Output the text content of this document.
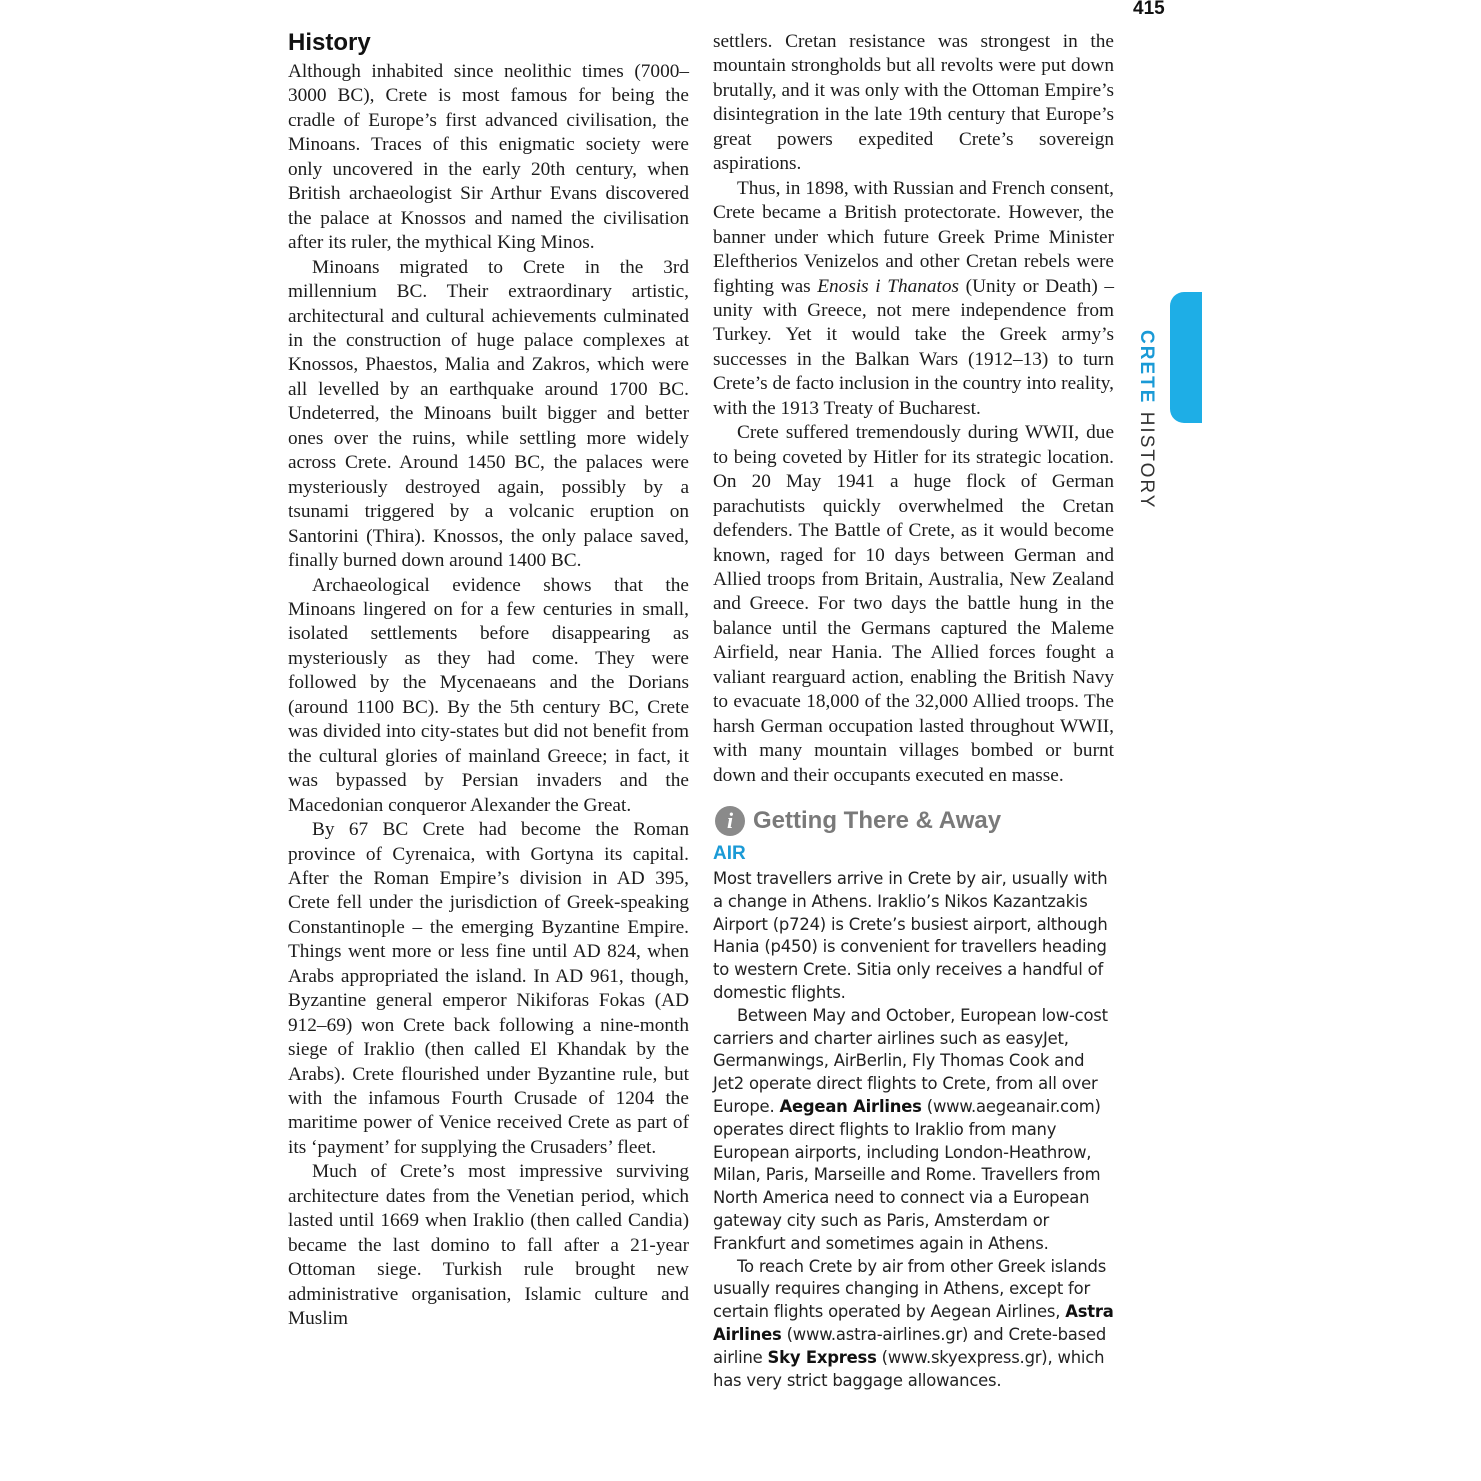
415
History

Although inhabited since neolithic times (7000–3000 BC), Crete is most famous for being the cradle of Europe’s first advanced civilisation, the Minoans. Traces of this enigmatic society were only uncovered in the early 20th century, when British archaeologist Sir Arthur Evans discovered the palace at Knossos and named the civilisation after its ruler, the mythical King Minos.

Minoans migrated to Crete in the 3rd millennium BC. Their extraordinary artistic, architectural and cultural achievements culminated in the construction of huge palace complexes at Knossos, Phaestos, Malia and Zakros, which were all levelled by an earthquake around 1700 BC. Undeterred, the Minoans built bigger and better ones over the ruins, while settling more widely across Crete. Around 1450 BC, the palaces were mysteriously destroyed again, possibly by a tsunami triggered by a volcanic eruption on Santorini (Thira). Knossos, the only palace saved, finally burned down around 1400 BC.

Archaeological evidence shows that the Minoans lingered on for a few centuries in small, isolated settlements before disappearing as mysteriously as they had come. They were followed by the Mycenaeans and the Dorians (around 1100 BC). By the 5th century BC, Crete was divided into city-states but did not benefit from the cultural glories of mainland Greece; in fact, it was bypassed by Persian invaders and the Macedonian conqueror Alexander the Great.

By 67 BC Crete had become the Roman province of Cyrenaica, with Gortyna its capital. After the Roman Empire’s division in AD 395, Crete fell under the jurisdiction of Greek-speaking Constantinople – the emerging Byzantine Empire. Things went more or less fine until AD 824, when Arabs appropriated the island. In AD 961, though, Byzantine general emperor Nikiforas Fokas (AD 912–69) won Crete back following a nine-month siege of Iraklio (then called El Khandak by the Arabs). Crete flourished under Byzantine rule, but with the infamous Fourth Crusade of 1204 the maritime power of Venice received Crete as part of its ‘payment’ for supplying the Crusaders’ fleet.

Much of Crete’s most impressive surviving architecture dates from the Venetian period, which lasted until 1669 when Iraklio (then called Candia) became the last domino to fall after a 21-year Ottoman siege. Turkish rule brought new administrative organisation, Islamic culture and Muslim

settlers. Cretan resistance was strongest in the mountain strongholds but all revolts were put down brutally, and it was only with the Ottoman Empire’s disintegration in the late 19th century that Europe’s great powers expedited Crete’s sovereign aspirations.

Thus, in 1898, with Russian and French consent, Crete became a British protectorate. However, the banner under which future Greek Prime Minister Eleftherios Venizelos and other Cretan rebels were fighting was Enosis i Thanatos (Unity or Death) – unity with Greece, not mere independence from Turkey. Yet it would take the Greek army’s successes in the Balkan Wars (1912–13) to turn Crete’s de facto inclusion in the country into reality, with the 1913 Treaty of Bucharest.

Crete suffered tremendously during WWII, due to being coveted by Hitler for its strategic location. On 20 May 1941 a huge flock of German parachutists quickly overwhelmed the Cretan defenders. The Battle of Crete, as it would become known, raged for 10 days between German and Allied troops from Britain, Australia, New Zealand and Greece. For two days the battle hung in the balance until the Germans captured the Maleme Airfield, near Hania. The Allied forces fought a valiant rearguard action, enabling the British Navy to evacuate 18,000 of the 32,000 Allied troops. The harsh German occupation lasted throughout WWII, with many mountain villages bombed or burnt down and their occupants executed en masse.

i Getting There & Away
AIR

Most travellers arrive in Crete by air, usually with a change in Athens. Iraklio’s Nikos Kazantzakis Airport (p724) is Crete’s busiest airport, although Hania (p450) is convenient for travellers heading to western Crete. Sitia only receives a handful of domestic flights.

Between May and October, European low-cost carriers and charter airlines such as easyJet, Germanwings, AirBerlin, Fly Thomas Cook and Jet2 operate direct flights to Crete, from all over Europe. Aegean Airlines (www.aegeanair.com) operates direct flights to Iraklio from many European airports, including London-Heathrow, Milan, Paris, Marseille and Rome. Travellers from North America need to connect via a European gateway city such as Paris, Amsterdam or Frankfurt and sometimes again in Athens.

To reach Crete by air from other Greek islands usually requires changing in Athens, except for certain flights operated by Aegean Airlines, Astra Airlines (www.astra-airlines.gr) and Crete-based airline Sky Express (www.skyexpress.gr), which has very strict baggage allowances.

CRETE HISTORY
